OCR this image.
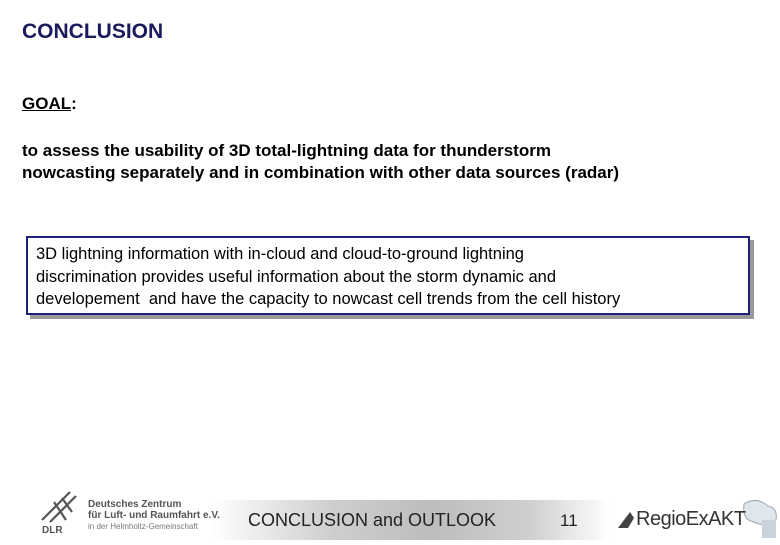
CONCLUSION
GOAL:
to assess the usability of 3D total-lightning data for thunderstorm
nowcasting separately and in combination with other data sources (radar)
3D lightning information with in-cloud and cloud-to-ground lightning
discrimination provides useful information about the storm dynamic and
developement  and have the capacity to nowcast cell trends from the cell history
DLR
Deutsches Zentrum
für Luft- und Raumfahrt e.V.
in der Helmholtz-Gemeinschaft	CONCLUSION and OUTLOOK	11	RegioExAKT
